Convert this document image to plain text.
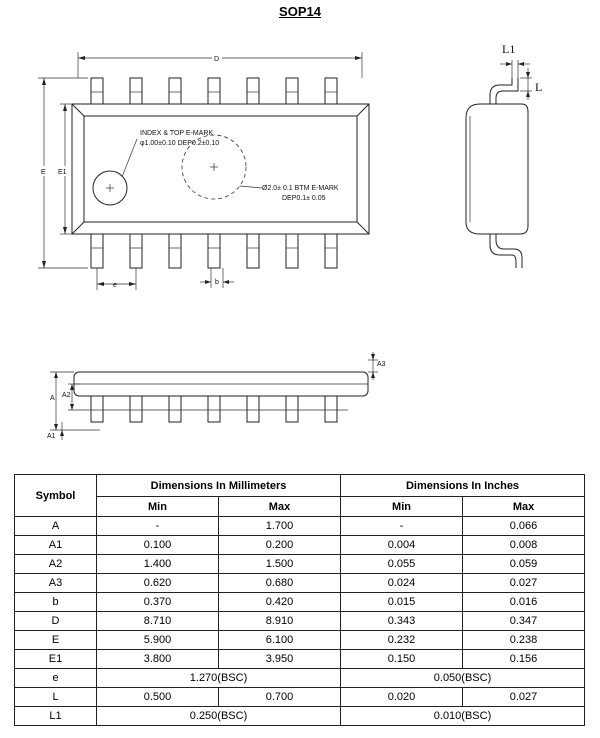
SOP14
INDEX & TOP E-MARK
φ1.00±0.10 DEP0.2±0.10
Ø2.0± 0.1 BTM E-MARK
DEP0.1± 0.05
D
E E1
e	b
L1
L
A3
A A2
A1
Symbol	Dimensions In Millimeters		Dimensions In Inches	
	Min	Max	Min	Max
A	-	1.700	-	0.066
A1	0.100	0.200	0.004	0.008
A2	1.400	1.500	0.055	0.059
A3	0.620	0.680	0.024	0.027
b	0.370	0.420	0.015	0.016
D	8.710	8.910	0.343	0.347
E	5.900	6.100	0.232	0.238
E1	3.800	3.950	0.150	0.156
e	1.270(BSC)		0.050(BSC)	
L	0.500	0.700	0.020	0.027
L1	0.250(BSC)		0.010(BSC)	
